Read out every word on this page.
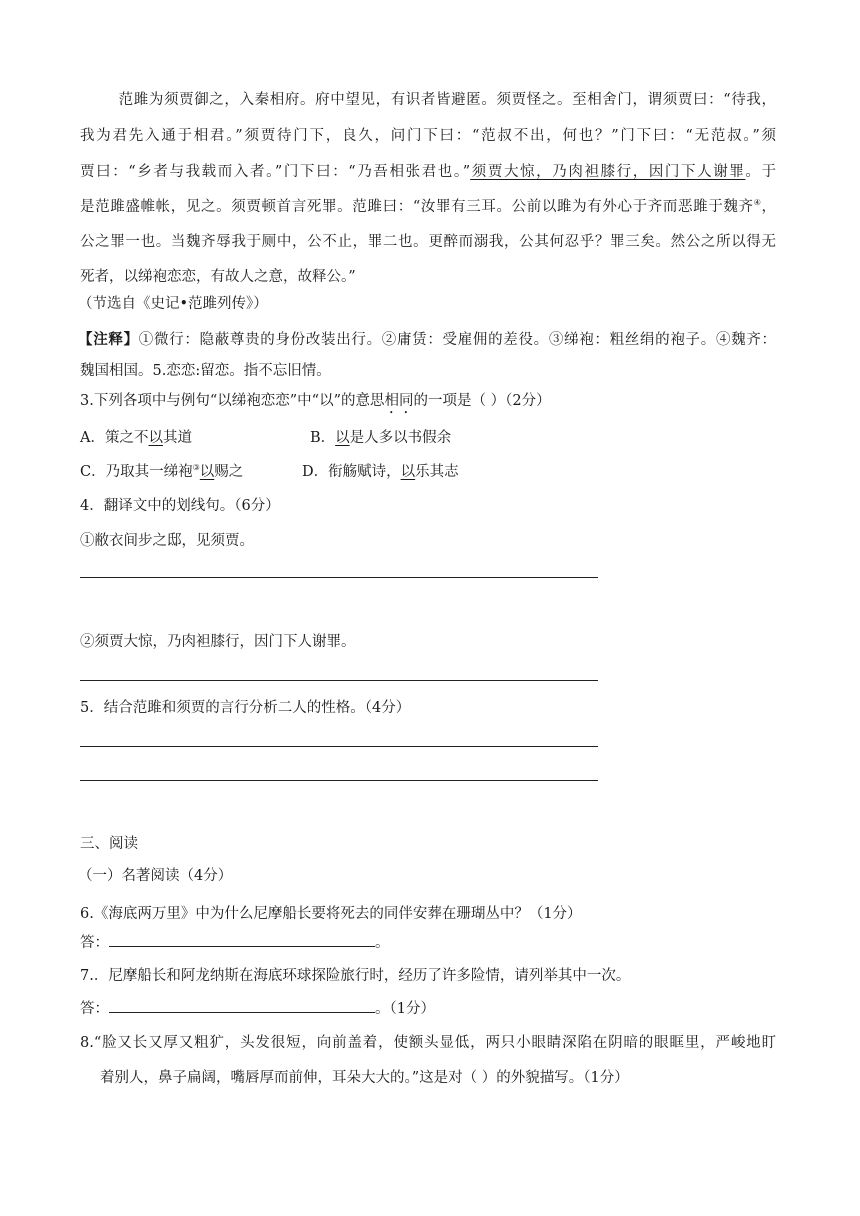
范雎为须贾御之，入秦相府。府中望见，有识者皆避匿。须贾怪之。至相舍门，谓须贾曰：“待我，
我为君先入通于相君。”须贾待门下，良久，问门下曰：“范叔不出，何也？”门下曰：“无范叔。”须
贾曰：“乡者与我载而入者。”门下曰：“乃吾相张君也。”须贾大惊，乃肉袒膝行，因门下人谢罪。于
是范雎盛帷帐，见之。须贾顿首言死罪。范雎曰：“汝罪有三耳。公前以雎为有外心于齐而恶雎于魏齐④，
公之罪一也。当魏齐辱我于厕中，公不止，罪二也。更醉而溺我，公其何忍乎？罪三矣。然公之所以得无
死者，以绨袍恋恋，有故人之意，故释公。”
（节选自《史记•范雎列传》）
【注释】①微行：隐蔽尊贵的身份改装出行。②庸赁：受雇佣的差役。③绨袍：粗丝绢的袍子。④魏齐：
魏国相国。5.恋恋:留恋。指不忘旧情。
3.下列各项中与例句“以绨袍恋恋”中“以”的意思相同的一项是（ ）（2分）
A．策之不以其道	B．以是人多以书假余
C．乃取其一绨袍③以赐之	D．衔觞赋诗，以乐其志
4．翻译文中的划线句。（6分）
①敝衣间步之邸，见须贾。
②须贾大惊，乃肉袒膝行，因门下人谢罪。
5．结合范雎和须贾的言行分析二人的性格。（4分）
三、阅读
（一）名著阅读（4分）
6.《海底两万里》中为什么尼摩船长要将死去的同伴安葬在珊瑚丛中？（1分）
答：	。
7.．尼摩船长和阿龙纳斯在海底环球探险旅行时，经历了许多险情，请列举其中一次。
答：	。（1分）
8.“脸又长又厚又粗犷，头发很短，向前盖着，使额头显低，两只小眼睛深陷在阴暗的眼眶里，严峻地盯
着别人，鼻子扁阔，嘴唇厚而前伸，耳朵大大的。”这是对（ ）的外貌描写。（1分）
